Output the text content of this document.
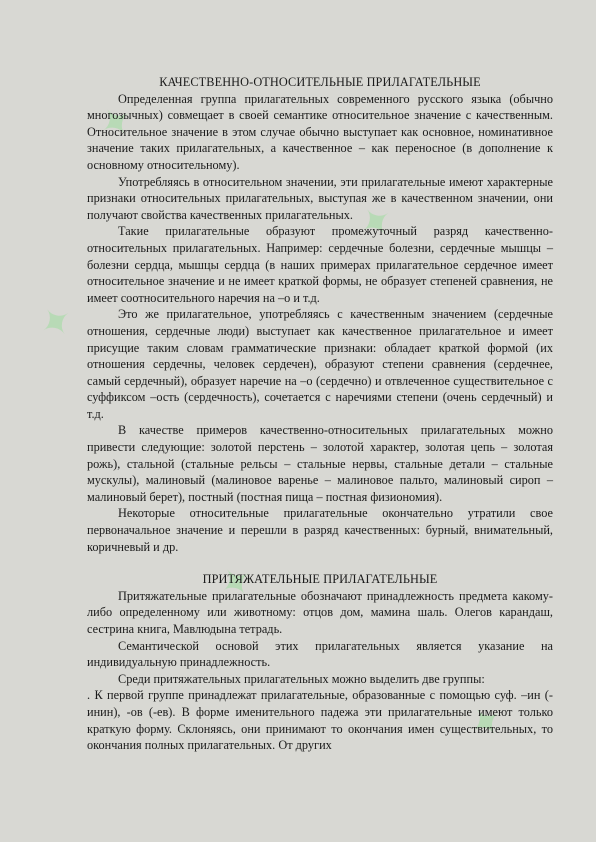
✦
✦
✦
✦
✦
КАЧЕСТВЕННО-ОТНОСИТЕЛЬНЫЕ ПРИЛАГАТЕЛЬНЫЕ

Определенная группа прилагательных современного русского языка (обычно многозычных) совмещает в своей семантике относительное значение с качественным. Относительное значение в этом случае обычно выступает как основное, номинативное значение таких прилагательных, а качественное – как переносное (в дополнение к основному относительному).

Употребляясь в относительном значении, эти прилагательные имеют характерные признаки относительных прилагательных, выступая же в качественном значении, они получают свойства качественных прилагательных.

Такие прилагательные образуют промежуточный разряд качественно-относительных прилагательных. Например: сердечные болезни, сердечные мышцы – болезни сердца, мышцы сердца (в наших примерах прилагательное сердечное имеет относительное значение и не имеет краткой формы, не образует степеней сравнения, не имеет соотносительного наречия на –о и т.д.

Это же прилагательное, употребляясь с качественным значением (сердечные отношения, сердечные люди) выступает как качественное прилагательное и имеет присущие таким словам грамматические признаки: обладает краткой формой (их отношения сердечны, человек сердечен), образуют степени сравнения (сердечнее, самый сердечный), образует наречие на –о (сердечно) и отвлеченное существительное с суффиксом –ость (сердечность), сочетается с наречиями степени (очень сердечный) и т.д.

В качестве примеров качественно-относительных прилагательных можно привести следующие: золотой перстень – золотой характер, золотая цепь – золотая рожь), стальной (стальные рельсы – стальные нервы, стальные детали – стальные мускулы), малиновый (малиновое варенье – малиновое пальто, малиновый сироп – малиновый берет), постный (постная пища – постная физиономия).

Некоторые относительные прилагательные окончательно утратили свое первоначальное значение и перешли в разряд качественных: бурный, внимательный, коричневый и др.

ПРИТЯЖАТЕЛЬНЫЕ ПРИЛАГАТЕЛЬНЫЕ

Притяжательные прилагательные обозначают принадлежность предмета какому-либо определенному или животному: отцов дом, мамина шаль. Олегов карандаш, сестрина книга, Мавлюдына тетрадь.

Семантической основой этих прилагательных является указание на индивидуальную принадлежность.

Среди притяжательных прилагательных можно выделить две группы:

. К первой группе принадлежат прилагательные, образованные с помощью суф. –ин (-инин), -ов (-ев). В форме именительного падежа эти прилагательные имеют только краткую форму. Склоняясь, они принимают то окончания имен существительных, то окончания полных прилагательных. От других
